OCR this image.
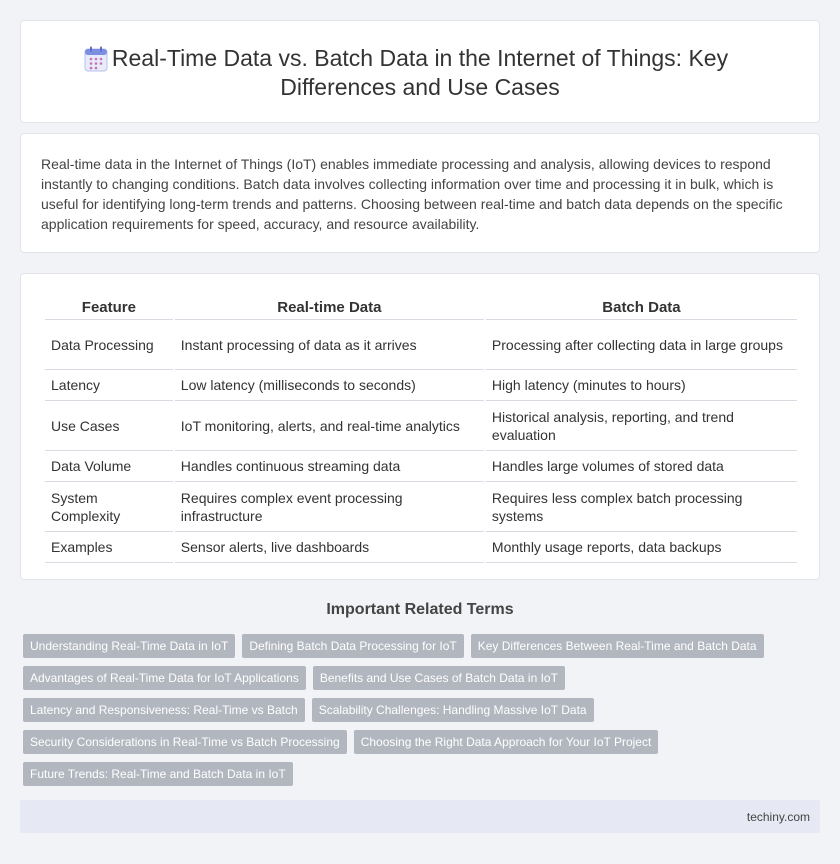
Real-Time Data vs. Batch Data in the Internet of Things: Key Differences and Use Cases

Real-time data in the Internet of Things (IoT) enables immediate processing and analysis, allowing devices to respond instantly to changing conditions. Batch data involves collecting information over time and processing it in bulk, which is useful for identifying long-term trends and patterns. Choosing between real-time and batch data depends on the specific application requirements for speed, accuracy, and resource availability.

Feature	Real-time Data	Batch Data
Data Processing	Instant processing of data as it arrives	Processing after collecting data in large groups
Latency	Low latency (milliseconds to seconds)	High latency (minutes to hours)
Use Cases	IoT monitoring, alerts, and real-time analytics	Historical analysis, reporting, and trend evaluation
Data Volume	Handles continuous streaming data	Handles large volumes of stored data
System Complexity	Requires complex event processing infrastructure	Requires less complex batch processing systems
Examples	Sensor alerts, live dashboards	Monthly usage reports, data backups
Important Related Terms
Understanding Real-Time Data in IoT	Defining Batch Data Processing for IoT	Key Differences Between Real-Time and Batch Data
Advantages of Real-Time Data for IoT Applications	Benefits and Use Cases of Batch Data in IoT
Latency and Responsiveness: Real-Time vs Batch	Scalability Challenges: Handling Massive IoT Data
Security Considerations in Real-Time vs Batch Processing	Choosing the Right Data Approach for Your IoT Project
Future Trends: Real-Time and Batch Data in IoT
techiny.com
